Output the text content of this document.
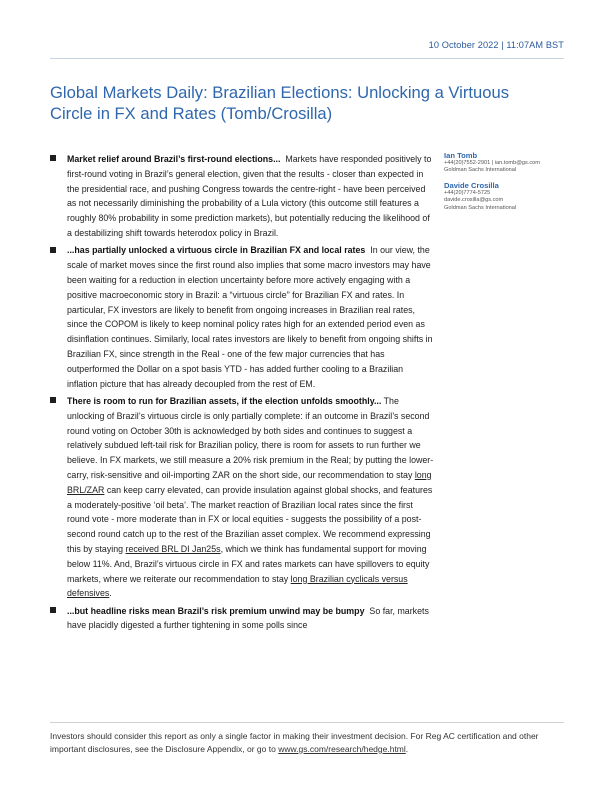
10 October 2022 | 11:07AM BST
Global Markets Daily: Brazilian Elections: Unlocking a Virtuous Circle in FX and Rates (Tomb/Crosilla)
Market relief around Brazil’s first-round elections... Markets have responded positively to first-round voting in Brazil’s general election, given that the results - closer than expected in the presidential race, and pushing Congress towards the centre-right - have been perceived as not necessarily diminishing the probability of a Lula victory (this outcome still features a roughly 80% probability in some prediction markets), but potentially reducing the likelihood of a destabilizing shift towards heterodox policy in Brazil.
...has partially unlocked a virtuous circle in Brazilian FX and local rates In our view, the scale of market moves since the first round also implies that some macro investors may have been waiting for a reduction in election uncertainty before more actively engaging with a positive macroeconomic story in Brazil: a “virtuous circle” for Brazilian FX and rates. In particular, FX investors are likely to benefit from ongoing increases in Brazilian real rates, since the COPOM is likely to keep nominal policy rates high for an extended period even as disinflation continues. Similarly, local rates investors are likely to benefit from ongoing shifts in Brazilian FX, since strength in the Real - one of the few major currencies that has outperformed the Dollar on a spot basis YTD - has added further cooling to a Brazilian inflation picture that has already decoupled from the rest of EM.
There is room to run for Brazilian assets, if the election unfolds smoothly... The unlocking of Brazil’s virtuous circle is only partially complete: if an outcome in Brazil’s second round voting on October 30th is acknowledged by both sides and continues to suggest a relatively subdued left-tail risk for Brazilian policy, there is room for assets to run further we believe. In FX markets, we still measure a 20% risk premium in the Real; by putting the lower-carry, risk-sensitive and oil-importing ZAR on the short side, our recommendation to stay long BRL/ZAR can keep carry elevated, can provide insulation against global shocks, and features a moderately-positive ‘oil beta’. The market reaction of Brazilian local rates since the first round vote - more moderate than in FX or local equities - suggests the possibility of a post-second round catch up to the rest of the Brazilian asset complex. We recommend expressing this by staying received BRL DI Jan25s, which we think has fundamental support for moving below 11%. And, Brazil’s virtuous circle in FX and rates markets can have spillovers to equity markets, where we reiterate our recommendation to stay long Brazilian cyclicals versus defensives.
...but headline risks mean Brazil’s risk premium unwind may be bumpy So far, markets have placidly digested a further tightening in some polls since
Ian Tomb
+44(20)7552-2901 | ian.tomb@gs.com
Goldman Sachs International
Davide Crosilla
+44(20)7774-5725
davide.crosilla@gs.com
Goldman Sachs International
Investors should consider this report as only a single factor in making their investment decision. For Reg AC certification and other important disclosures, see the Disclosure Appendix, or go to www.gs.com/research/hedge.html.
